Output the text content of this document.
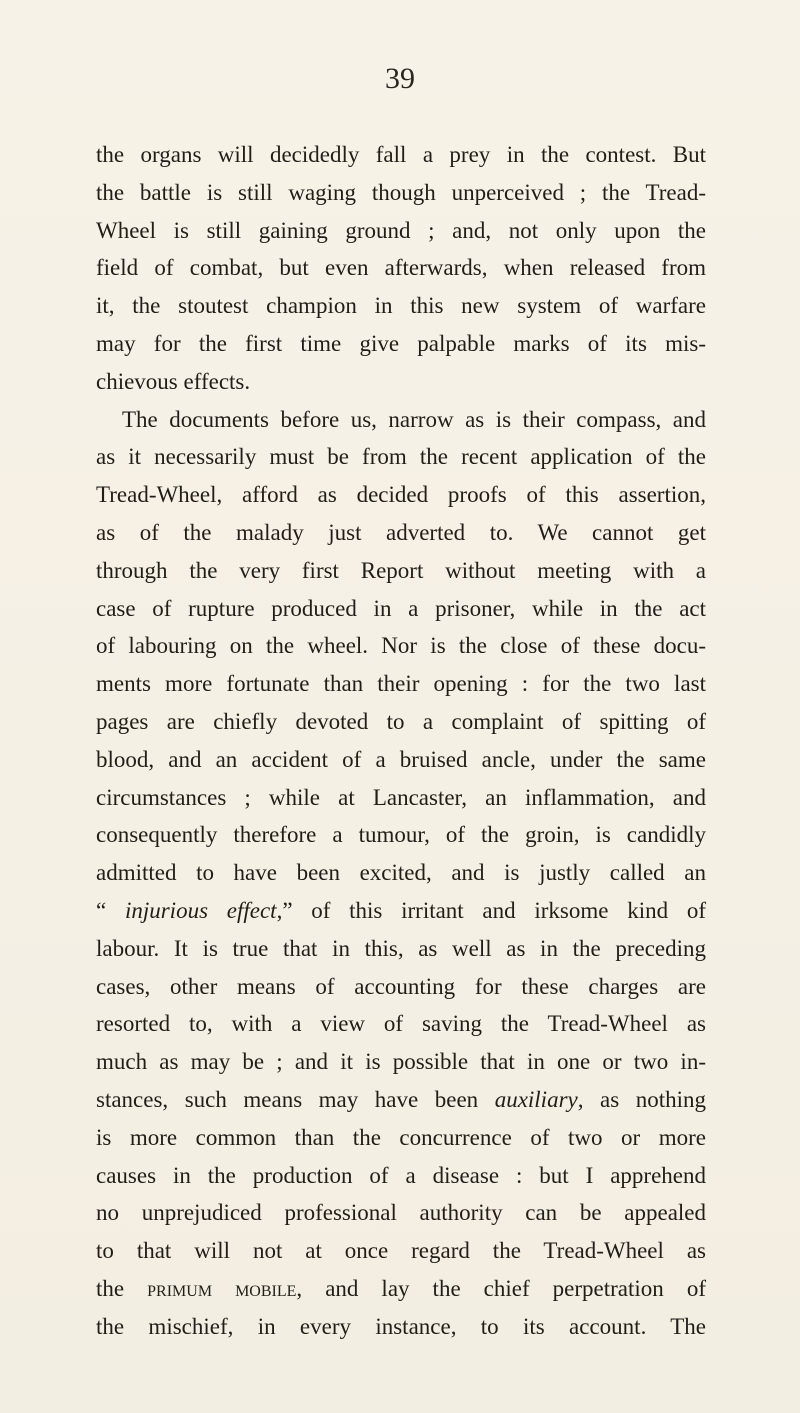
39
the organs will decidedly fall a prey in the contest. But
the battle is still waging though unperceived ; the Tread-
Wheel is still gaining ground ; and, not only upon the
field of combat, but even afterwards, when released from
it, the stoutest champion in this new system of warfare
may for the first time give palpable marks of its mis-
chievous effects.
The documents before us, narrow as is their compass, and
as it necessarily must be from the recent application of the
Tread-Wheel, afford as decided proofs of this assertion,
as of the malady just adverted to. We cannot get
through the very first Report without meeting with a
case of rupture produced in a prisoner, while in the act
of labouring on the wheel. Nor is the close of these docu-
ments more fortunate than their opening : for the two last
pages are chiefly devoted to a complaint of spitting of
blood, and an accident of a bruised ancle, under the same
circumstances ; while at Lancaster, an inflammation, and
consequently therefore a tumour, of the groin, is candidly
admitted to have been excited, and is justly called an
“ injurious effect,” of this irritant and irksome kind of
labour. It is true that in this, as well as in the preceding
cases, other means of accounting for these charges are
resorted to, with a view of saving the Tread-Wheel as
much as may be ; and it is possible that in one or two in-
stances, such means may have been auxiliary, as nothing
is more common than the concurrence of two or more
causes in the production of a disease : but I apprehend
no unprejudiced professional authority can be appealed
to that will not at once regard the Tread-Wheel as
the primum mobile, and lay the chief perpetration of
the mischief, in every instance, to its account. The
